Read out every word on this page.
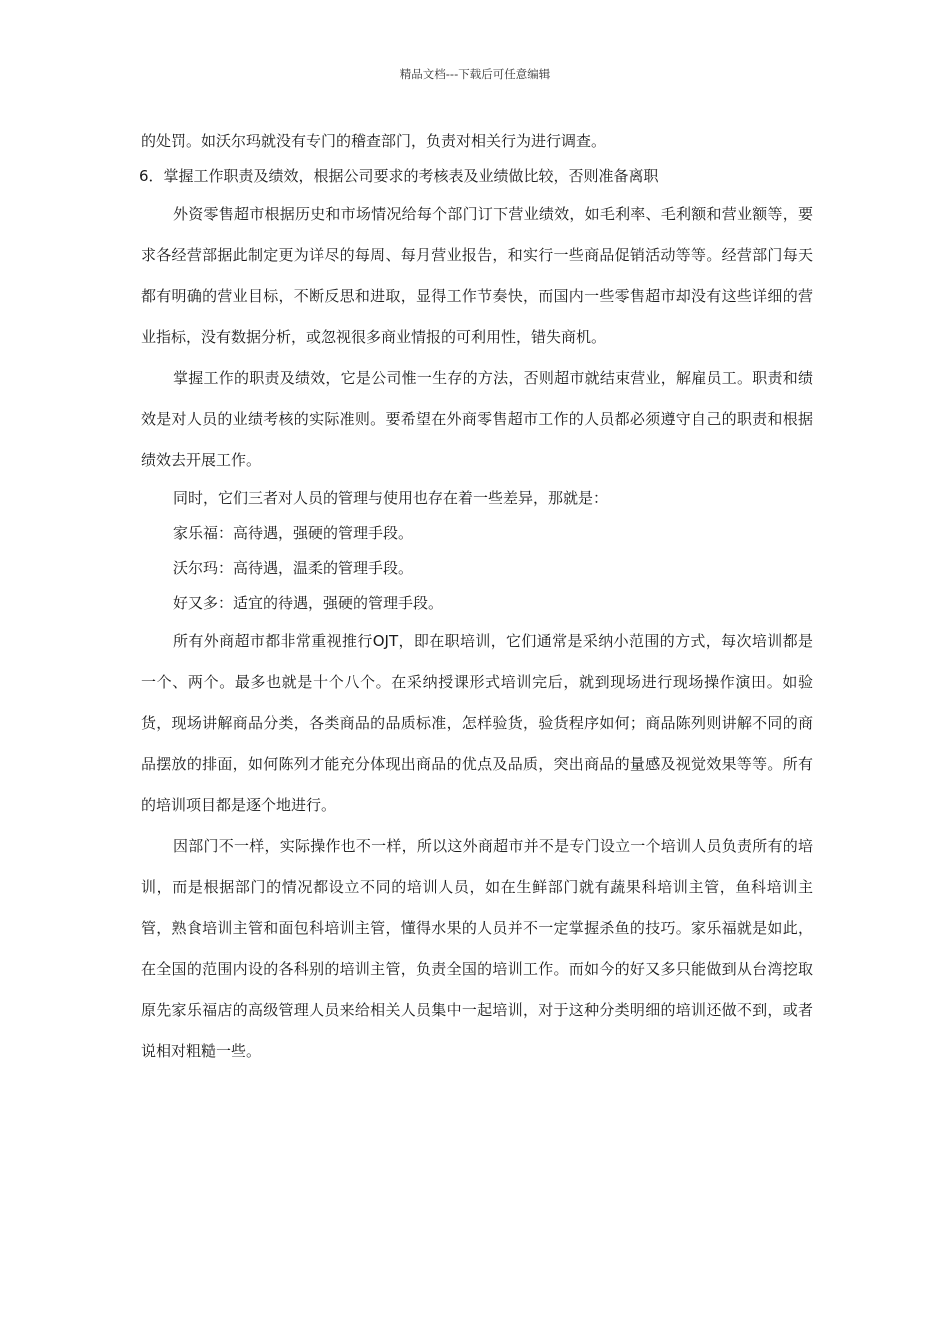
精品文档---下载后可任意编辑

的处罚。如沃尔玛就没有专门的稽查部门，负责对相关行为进行调查。

6．掌握工作职责及绩效，根据公司要求的考核表及业绩做比较，否则准备离职

外资零售超市根据历史和市场情况给每个部门订下营业绩效，如毛利率、毛利额和营业额等，要求各经营部据此制定更为详尽的每周、每月营业报告，和实行一些商品促销活动等等。经营部门每天都有明确的营业目标，不断反思和进取，显得工作节奏快，而国内一些零售超市却没有这些详细的营业指标，没有数据分析，或忽视很多商业情报的可利用性，错失商机。

掌握工作的职责及绩效，它是公司惟一生存的方法，否则超市就结束营业，解雇员工。职责和绩效是对人员的业绩考核的实际准则。要希望在外商零售超市工作的人员都必须遵守自己的职责和根据绩效去开展工作。

同时，它们三者对人员的管理与使用也存在着一些差异，那就是：

家乐福：高待遇，强硬的管理手段。

沃尔玛：高待遇，温柔的管理手段。

好又多：适宜的待遇，强硬的管理手段。

所有外商超市都非常重视推行OJT，即在职培训，它们通常是采纳小范围的方式，每次培训都是一个、两个。最多也就是十个八个。在采纳授课形式培训完后，就到现场进行现场操作演田。如验货，现场讲解商品分类，各类商品的品质标准，怎样验货，验货程序如何；商品陈列则讲解不同的商品摆放的排面，如何陈列才能充分体现出商品的优点及品质，突出商品的量感及视觉效果等等。所有的培训项目都是逐个地进行。

因部门不一样，实际操作也不一样，所以这外商超市并不是专门设立一个培训人员负责所有的培训，而是根据部门的情况都设立不同的培训人员，如在生鲜部门就有蔬果科培训主管，鱼科培训主管，熟食培训主管和面包科培训主管，懂得水果的人员并不一定掌握杀鱼的技巧。家乐福就是如此，在全国的范围内设的各科别的培训主管，负责全国的培训工作。而如今的好又多只能做到从台湾挖取原先家乐福店的高级管理人员来给相关人员集中一起培训，对于这种分类明细的培训还做不到，或者说相对粗糙一些。
